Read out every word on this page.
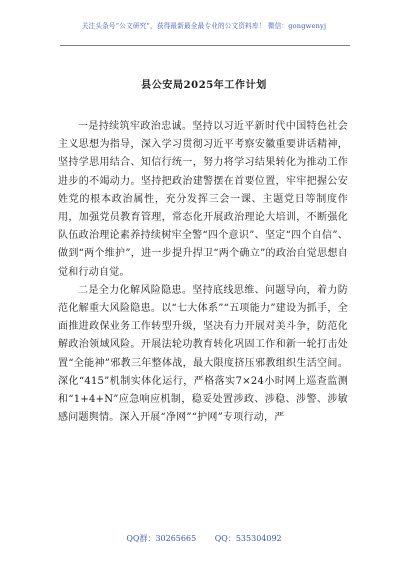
关注头条号“公文研究”，获得最新最全最专业的公文资料库！ 微信：gongwenyj
县公安局2025年工作计划

一是持续筑牢政治忠诚。坚持以习近平新时代中国特色社会主义思想为指导，深入学习贯彻习近平考察安徽重要讲话精神，坚持学思用结合、知信行统一，努力将学习结果转化为推动工作进步的不竭动力。坚持把政治建警摆在首要位置，牢牢把握公安姓党的根本政治属性，充分发挥三会一课、主题党日等制度作用，加强党员教育管理，常态化开展政治理论大培训，不断强化队伍政治理论素养持续树牢全警“四个意识”、坚定“四个自信”、做到“两个维护”，进一步提升捍卫“两个确立”的政治自觉思想自觉和行动自觉。

二是全力化解风险隐患。坚持底线思维、问题导向，着力防范化解重大风险隐患。以“七大体系”“五项能力”建设为抓手，全面推进政保业务工作转型升级，坚决有力开展对美斗争，防范化解政治领域风险。开展法轮功教育转化巩固工作和新一轮打击处置“全能神”邪教三年整体战，最大限度挤压邪教组织生活空间。深化“415”机制实体化运行，严格落实7×24小时网上巡查监测和“1+4+N”应急响应机制，稳妥处置涉政、涉稳、涉警、涉敏感问题舆情。深入开展“净网”“护网”专项行动，严

QQ群：30265665 QQ：535304092
